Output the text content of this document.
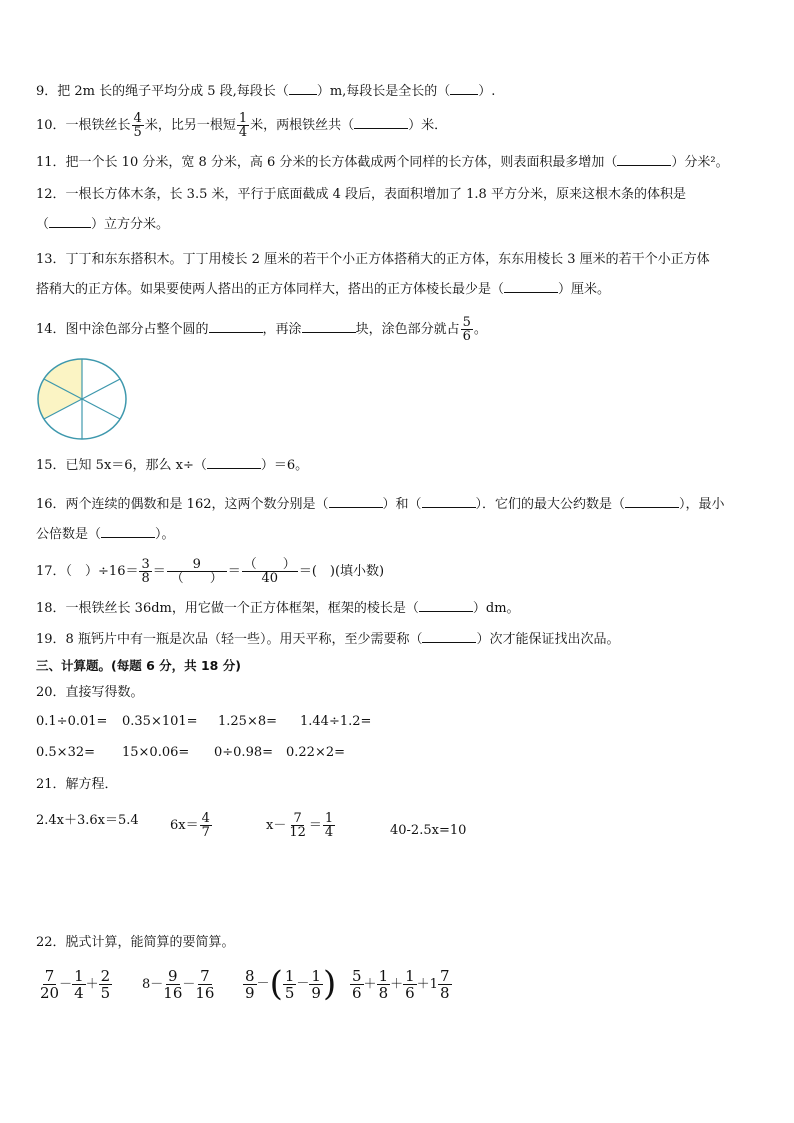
9．把 2m 长的绳子平均分成 5 段,每段长（ ）m,每段长是全长的（ ）.
10．一根铁丝长 $\frac{4}{5}$ 米，比另一根短 $\frac{1}{4}$ 米，两根铁丝共（	）米．
11．把一个长 10 分米，宽 8 分米，高 6 分米的长方体截成两个同样的长方体，则表面积最多增加（	）分米²。
12．一根长方体木条，长 3.5 米，平行于底面截成 4 段后，表面积增加了 1.8 平方分米，原来这根木条的体积是
（	）立方分米。
13．丁丁和东东搭积木。丁丁用棱长 2 厘米的若干个小正方体搭稍大的正方体，东东用棱长 3 厘米的若干个小正方体
搭稍大的正方体。如果要使两人搭出的正方体同样大，搭出的正方体棱长最少是（	）厘米。
14．图中涂色部分占整个圆的	，再涂	块，涂色部分就占 $\frac{5}{6}$ 。
15．已知 5x＝6，那么 x÷（	）＝6。
16．两个连续的偶数和是 162，这两个数分别是（	）和（	）．它们的最大公约数是（	），最小
公倍数是（	）。
17．（　）$\div 16= \frac{3}{8} = \frac{9}{( )} = \frac{( )}{40}$ ＝(　)(填小数)
18．一根铁丝长 36dm，用它做一个正方体框架，框架的棱长是（	）dm。
19．8 瓶钙片中有一瓶是次品（轻一些）。用天平称，至少需要称（	）次才能保证找出次品。
三、计算题。(每题 6 分，共 18 分)
20．直接写得数。
0.1÷0.01= 0.35×101= 1.25×8= 1.44÷1.2=
0.5×32= 15×0.06= 0÷0.98= 0.22×2=
21．解方程．
2.4x＋3.6x＝5.4 $6x= \frac{4}{7}$	$x- \frac{7}{12} = \frac{1}{4}$	40-2.5x=10
22．脱式计算，能简算的要简算。
$\frac{7}{20} - \frac{1}{4} + \frac{2}{5} 8- \frac{9}{16} - \frac{7}{16} \frac{8}{9}$ －( $\frac{1}{5} - \frac{1}{9}$ ) $\frac{5}{6} + \frac{1}{8} + \frac{1}{6} +1 \frac{7}{8}$
